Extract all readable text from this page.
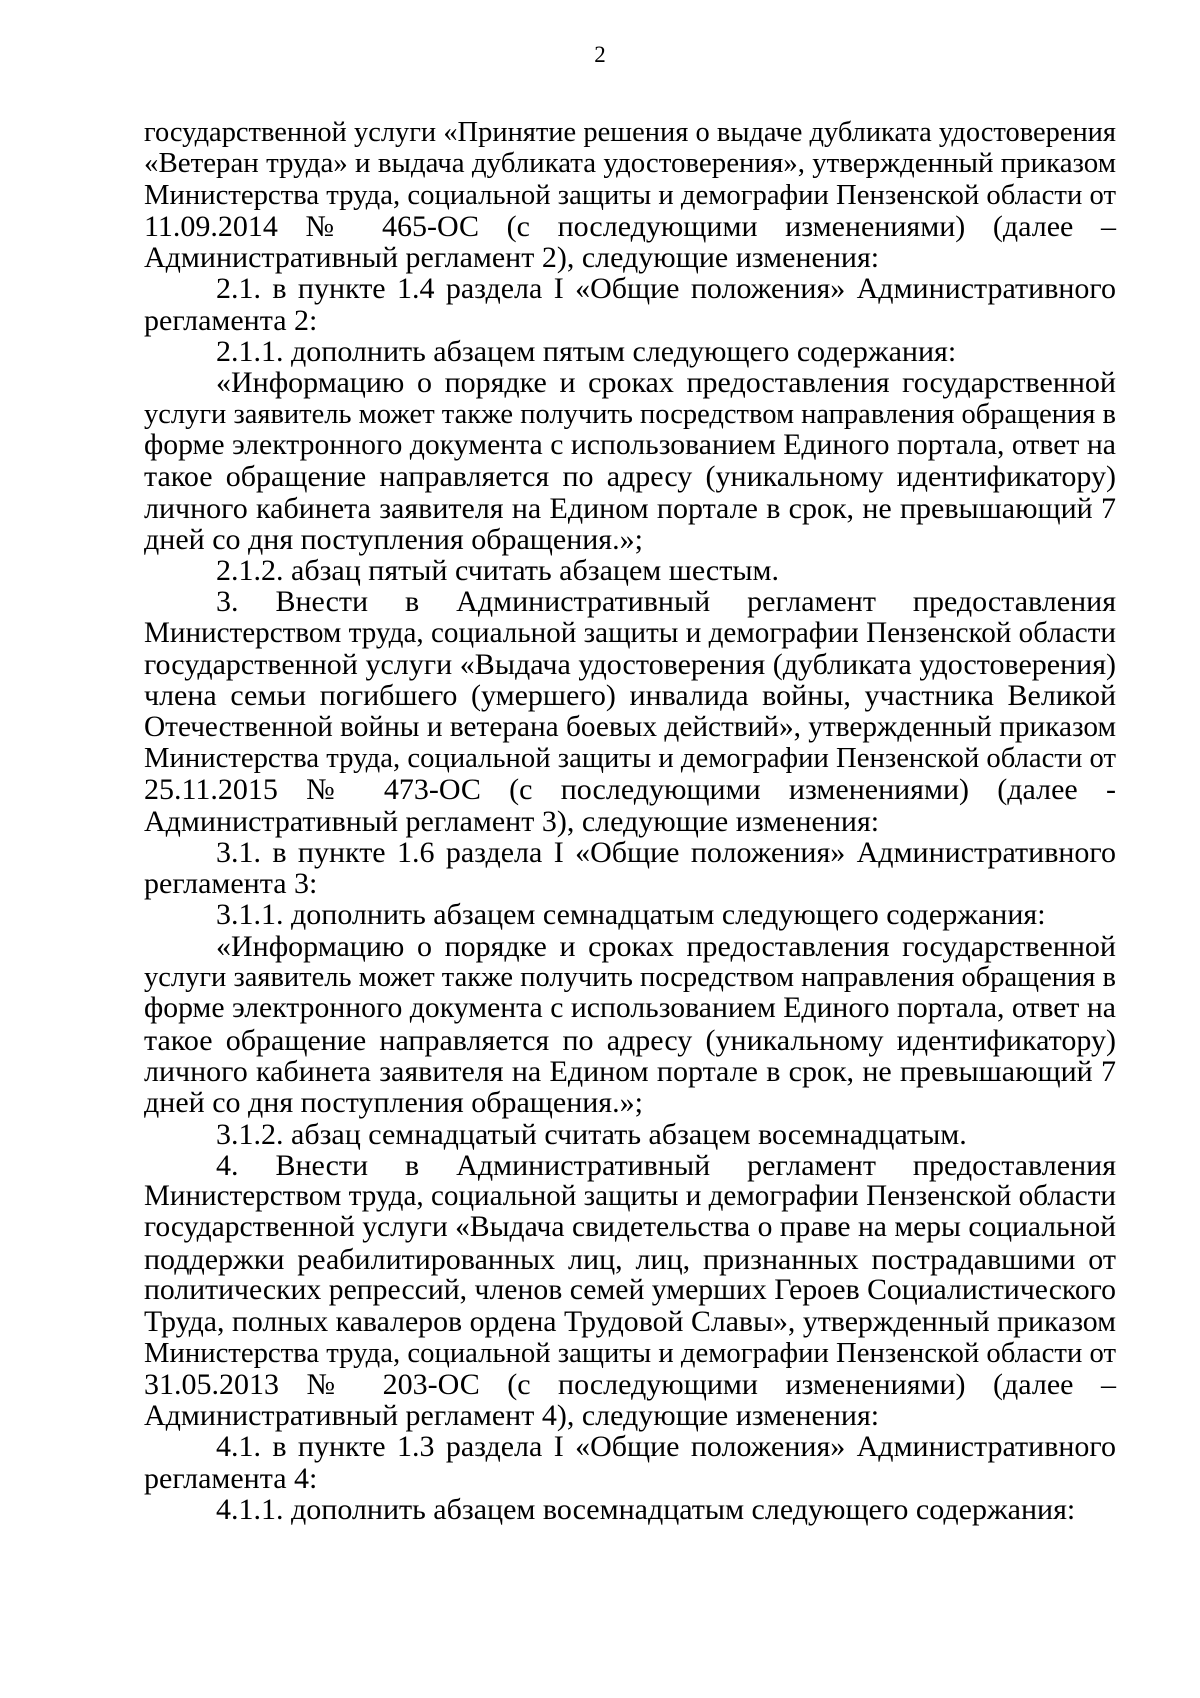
2
государственной услуги «Принятие решения о выдаче дубликата удостоверения
«Ветеран труда» и выдача дубликата удостоверения», утвержденный приказом
Министерства труда, социальной защиты и демографии Пензенской области от
11.09.2014 № 465-ОС (с последующими изменениями) (далее –
Административный регламент 2), следующие изменения:
2.1. в пункте 1.4 раздела I «Общие положения» Административного
регламента 2:
2.1.1. дополнить абзацем пятым следующего содержания:
«Информацию о порядке и сроках предоставления государственной
услуги заявитель может также получить посредством направления обращения в
форме электронного документа с использованием Единого портала, ответ на
такое обращение направляется по адресу (уникальному идентификатору)
личного кабинета заявителя на Едином портале в срок, не превышающий 7
дней со дня поступления обращения.»;
2.1.2. абзац пятый считать абзацем шестым.
3. Внести в Административный регламент предоставления
Министерством труда, социальной защиты и демографии Пензенской области
государственной услуги «Выдача удостоверения (дубликата удостоверения)
члена семьи погибшего (умершего) инвалида войны, участника Великой
Отечественной войны и ветерана боевых действий», утвержденный приказом
Министерства труда, социальной защиты и демографии Пензенской области от
25.11.2015 № 473-ОС (с последующими изменениями) (далее -
Административный регламент 3), следующие изменения:
3.1. в пункте 1.6 раздела I «Общие положения» Административного
регламента 3:
3.1.1. дополнить абзацем семнадцатым следующего содержания:
«Информацию о порядке и сроках предоставления государственной
услуги заявитель может также получить посредством направления обращения в
форме электронного документа с использованием Единого портала, ответ на
такое обращение направляется по адресу (уникальному идентификатору)
личного кабинета заявителя на Едином портале в срок, не превышающий 7
дней со дня поступления обращения.»;
3.1.2. абзац семнадцатый считать абзацем восемнадцатым.
4. Внести в Административный регламент предоставления
Министерством труда, социальной защиты и демографии Пензенской области
государственной услуги «Выдача свидетельства о праве на меры социальной
поддержки реабилитированных лиц, лиц, признанных пострадавшими от
политических репрессий, членов семей умерших Героев Социалистического
Труда, полных кавалеров ордена Трудовой Славы», утвержденный приказом
Министерства труда, социальной защиты и демографии Пензенской области от
31.05.2013 № 203-ОС (с последующими изменениями) (далее –
Административный регламент 4), следующие изменения:
4.1. в пункте 1.3 раздела I «Общие положения» Административного
регламента 4:
4.1.1. дополнить абзацем восемнадцатым следующего содержания:
